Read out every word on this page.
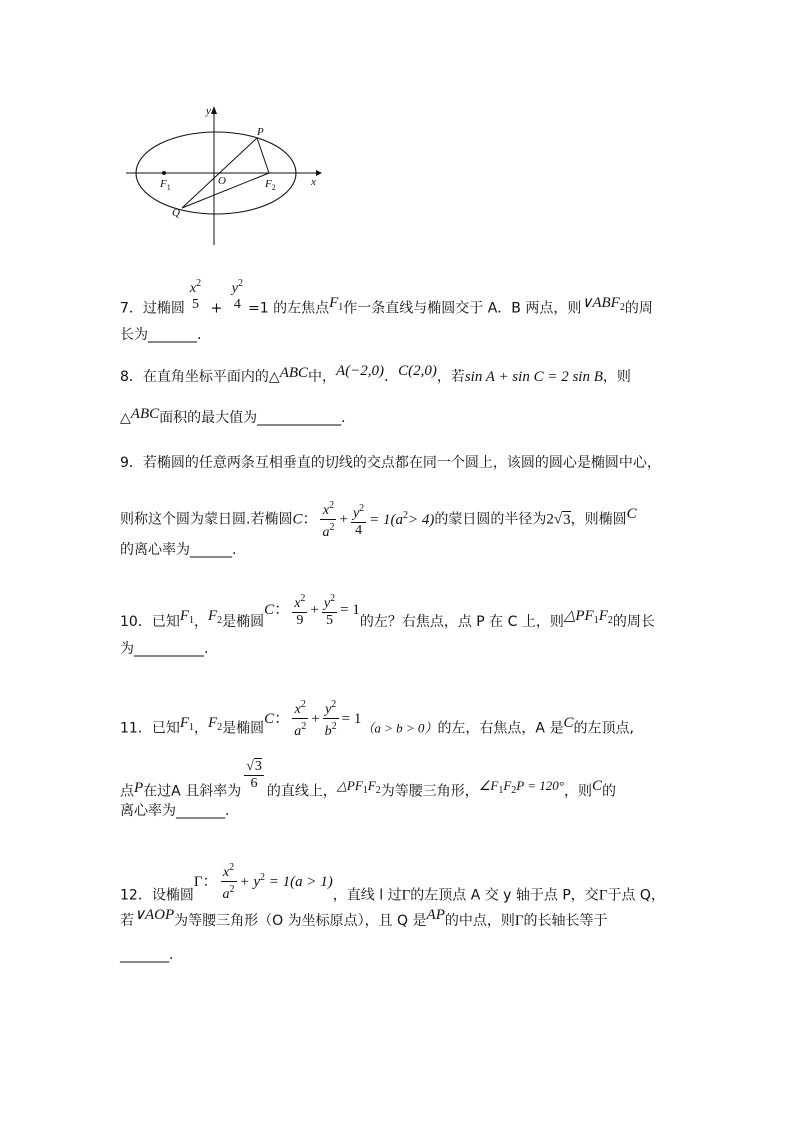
y
P
x
$F_1$
O	$F_2$
Q
7．过椭圆
$x^2$
5 +
$y^2$
4 =1 的左焦点$F_1$作一条直线与椭圆交于 A．B 两点，则$\vee ABF_2$的周
长为_______.
8．在直角坐标平面内的△ABC中，A(−2,0)．C(2,0)，若sin A + sin C = 2 sin B，则
△ABC面积的最大值为____________.
9．若椭圆的任意两条互相垂直的切线的交点都在同一个圆上，该圆的圆心是椭圆中心，
则称这个圆为蒙日圆.若椭圆C： $\frac{x^2}{a^2} + \frac{y^2}{4} = 1(a^2> 4)$的蒙日圆的半径为2√3，则椭圆C
的离心率为______.
10．已知$F_1$，$F_2$是椭圆C： $\frac{x^2}{9} + \frac{y^2}{5} = 1$的左？右焦点，点 P 在 C 上，则$\triangle PF_1F_2$的周长
为__________.
11．已知$F_1$，$F_2$是椭圆C： $\frac{x^2}{a^2} + \frac{y^2}{b^2} = 1(a > b > 0)$的左，右焦点，A 是C的左顶点,
点P在过A 且斜率为 $\frac{√3}{6}$ 的直线上，$\triangle PF_1F_2$为等腰三角形，$\angle F_1F_2P = 120^\circ$，则C的
离心率为_______.
12．设椭圆Γ： $\frac{x^2}{a^2} + y^2 = 1(a > 1)$，直线 l 过Γ的左顶点 A 交 y 轴于点 P，交Γ于点 Q，
若∨AOP为等腰三角形（O 为坐标原点），且 Q 是AP的中点，则Γ的长轴长等于
_______.
